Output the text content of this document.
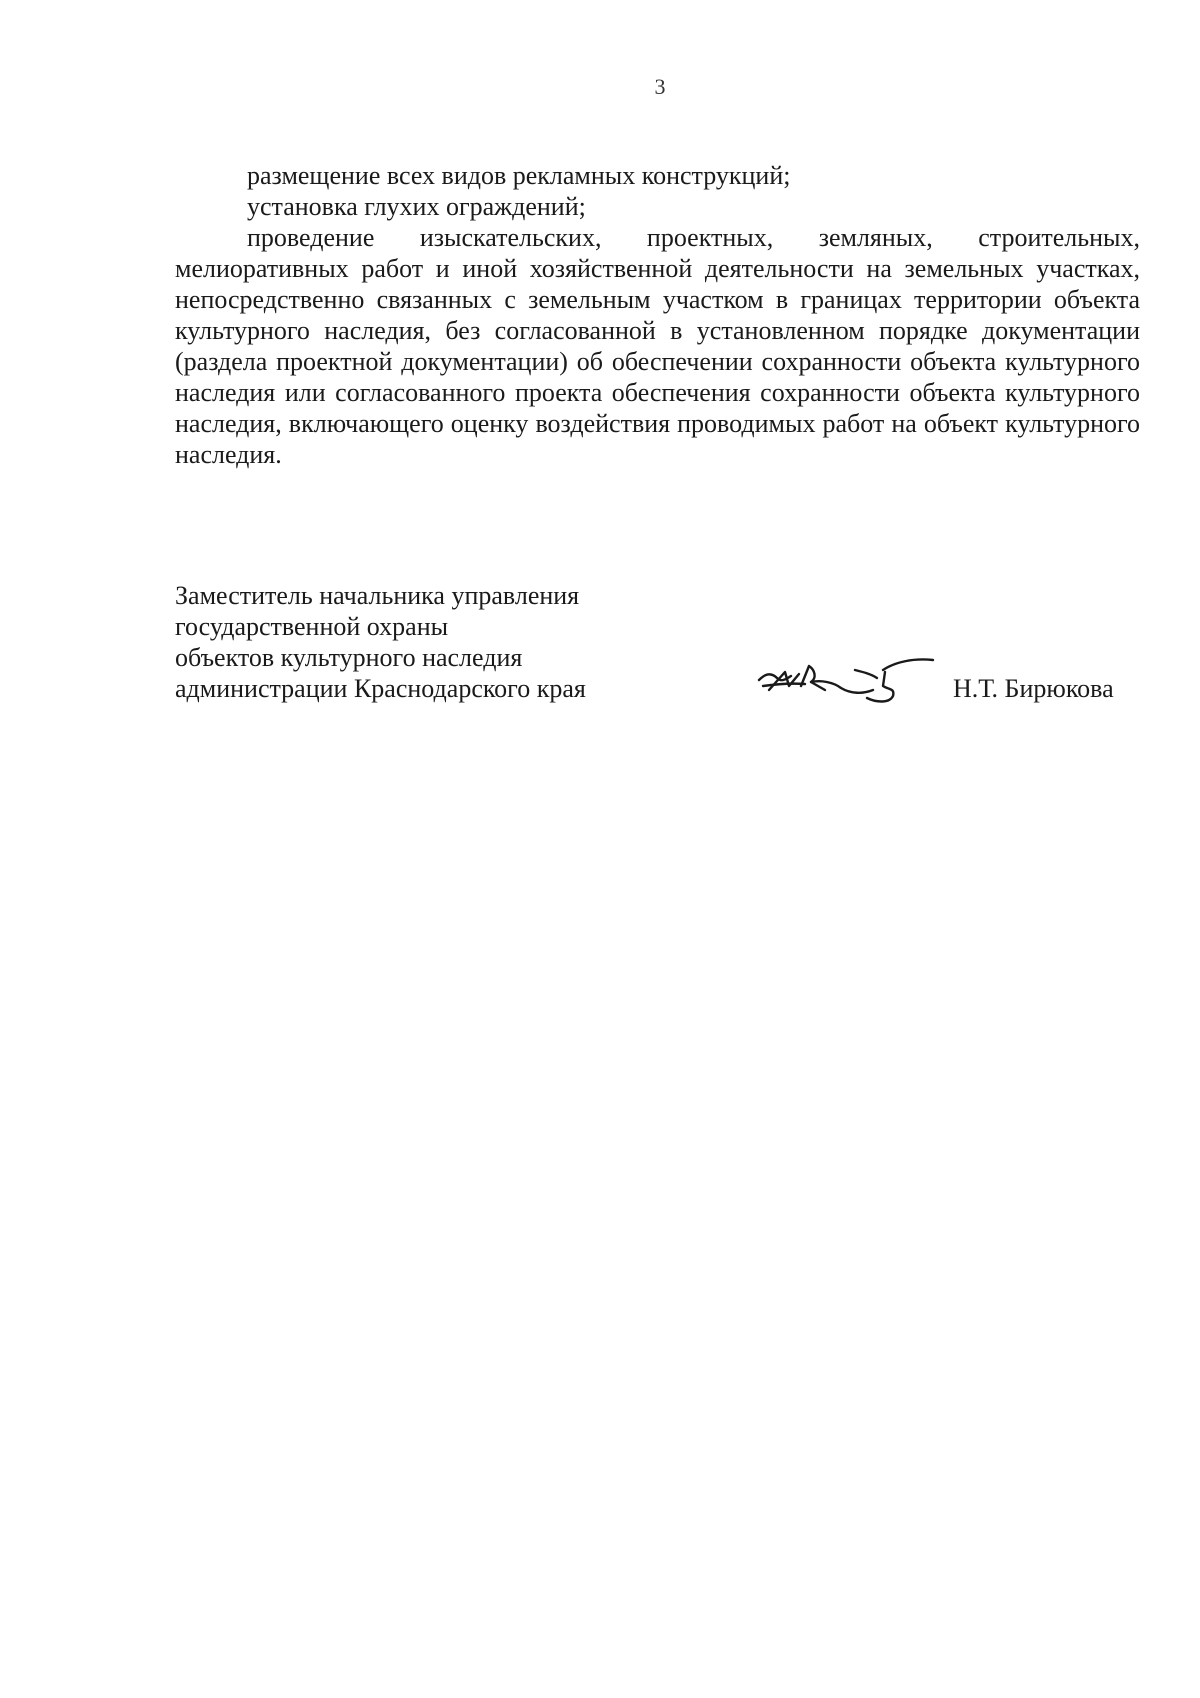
3

размещение всех видов рекламных конструкций;

установка глухих ограждений;

проведение изыскательских, проектных, земляных, строительных, мелиоративных работ и иной хозяйственной деятельности на земельных участках, непосредственно связанных с земельным участком в границах территории объекта культурного наследия, без согласованной в установленном порядке документации (раздела проектной документации) об обеспечении сохранности объекта культурного наследия или согласованного проекта обеспечения сохранности объекта культурного наследия, включающего оценку воздействия проводимых работ на объект культурного наследия.

Заместитель начальника управления
государственной охраны
объектов культурного наследия
администрации Краснодарского края	Н.Т. Бирюкова
